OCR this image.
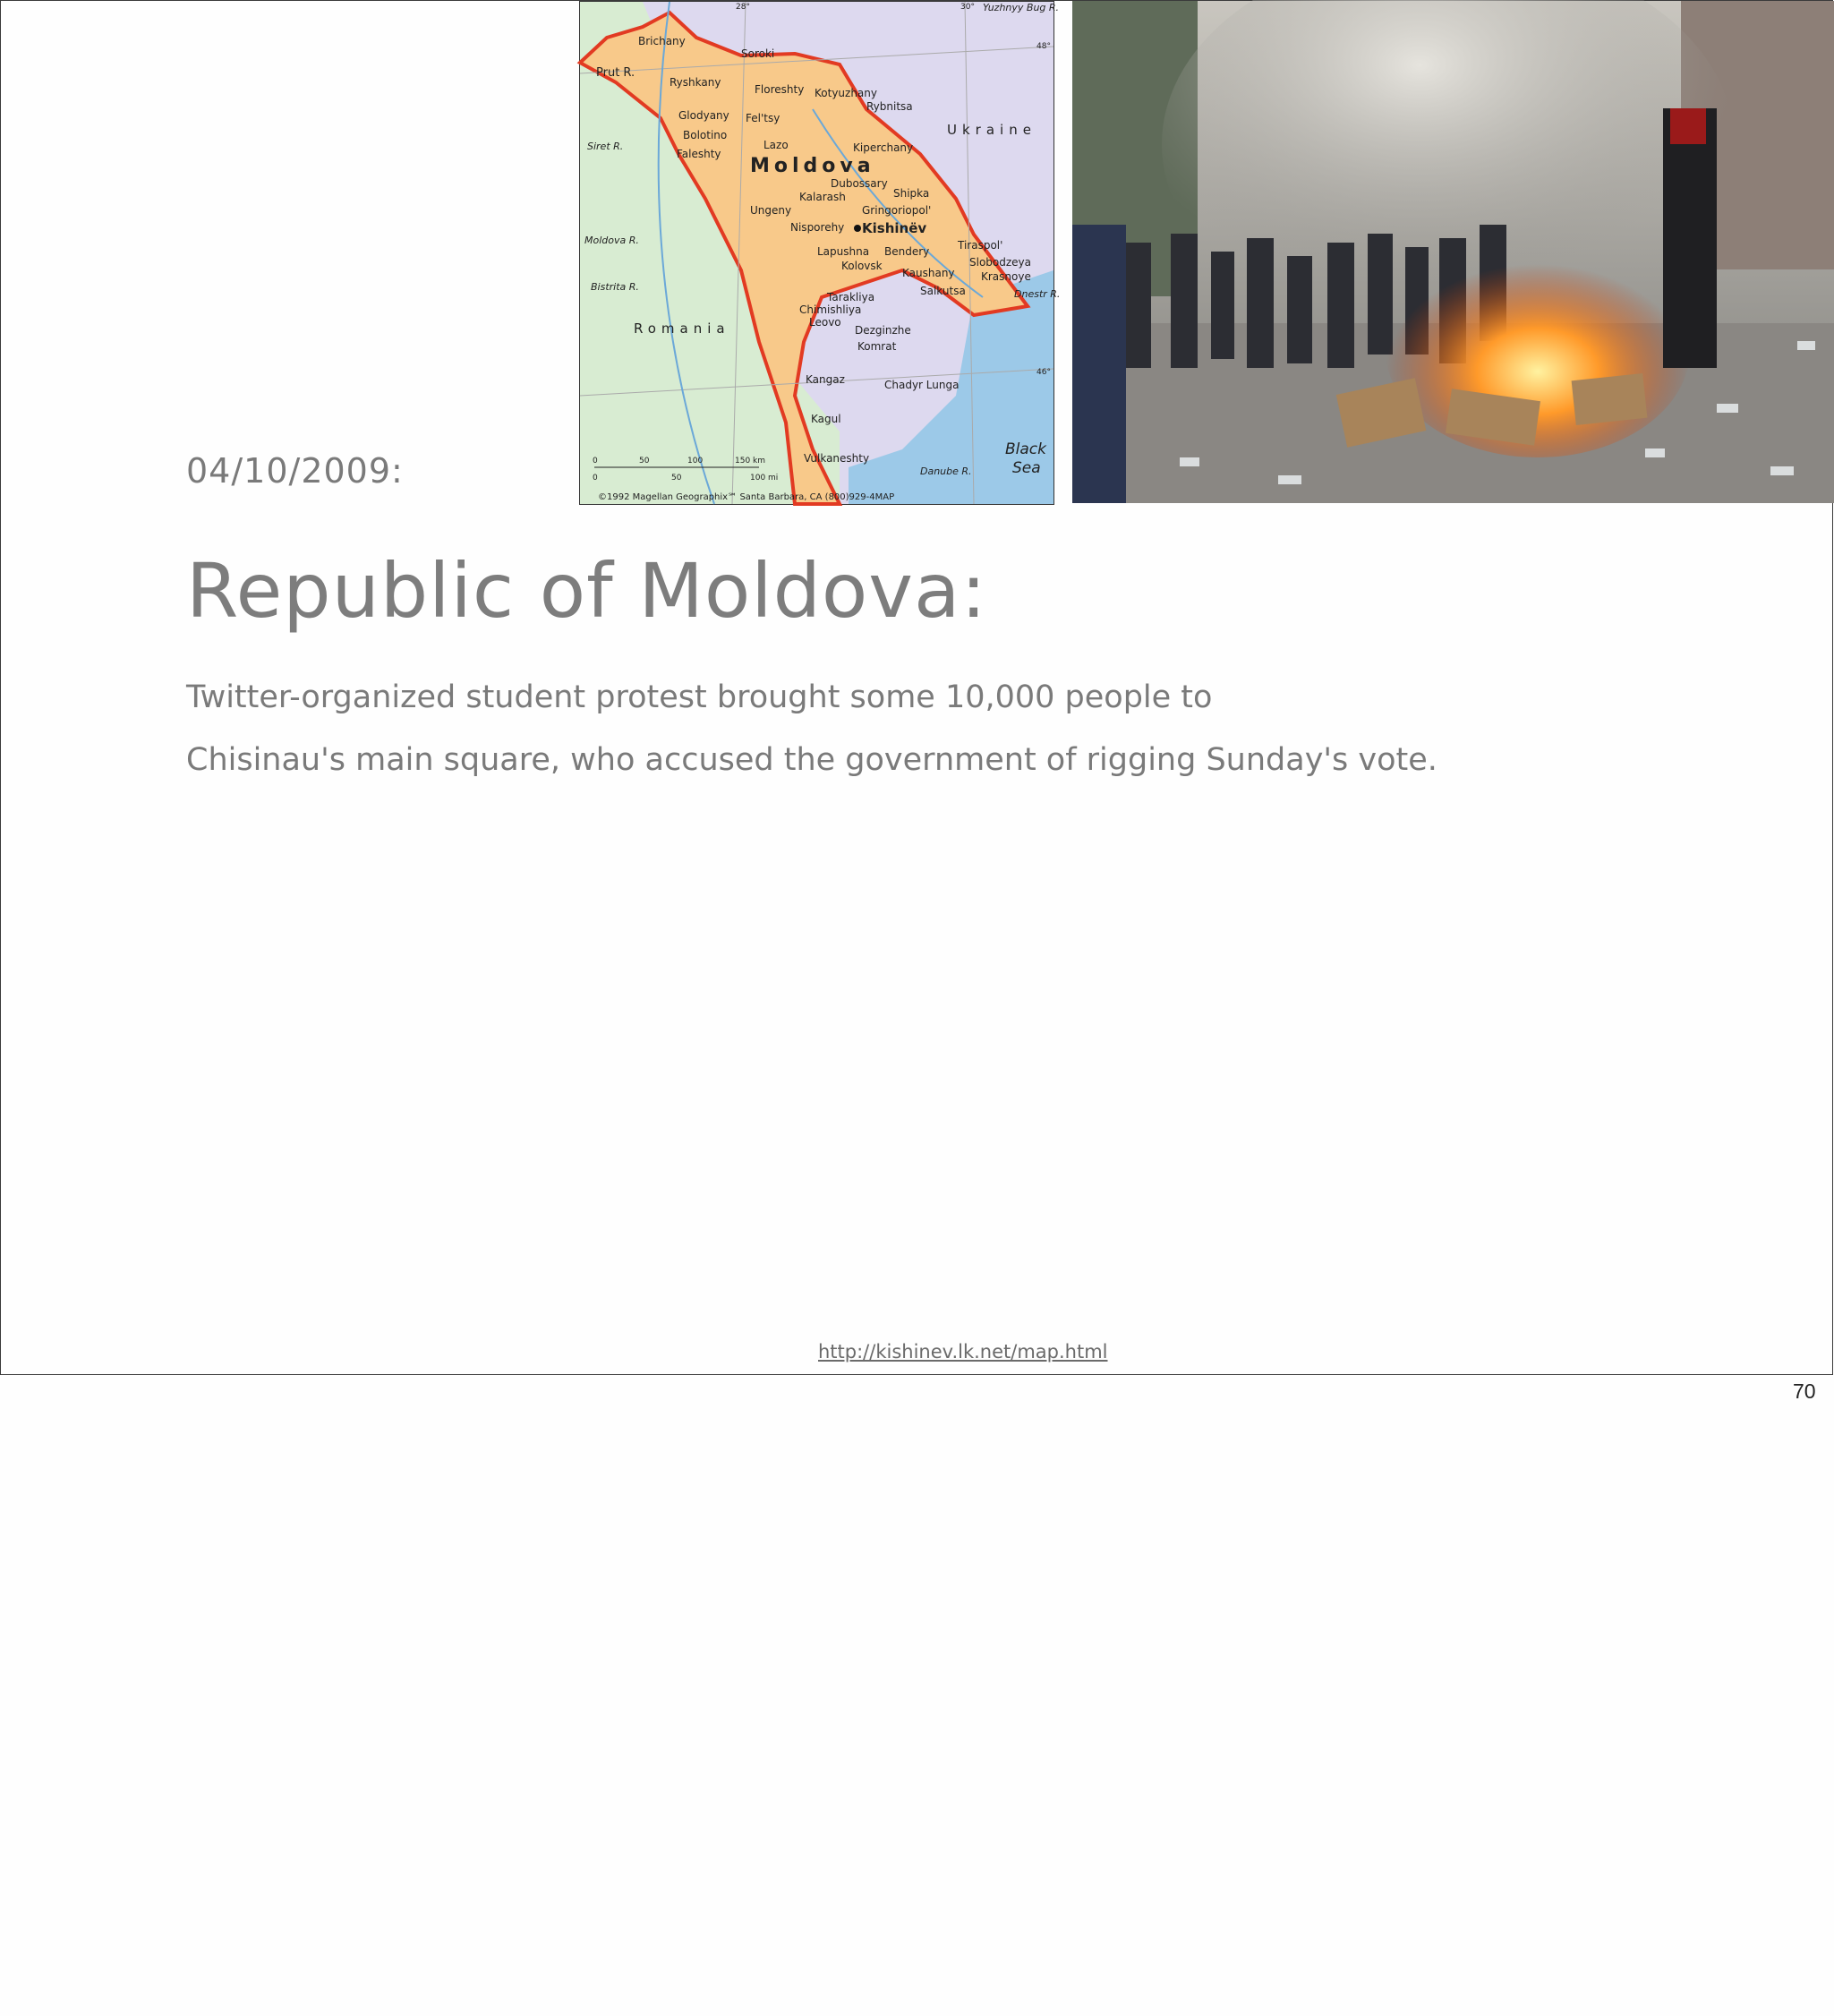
Prut R.
Moldova
Ukraine
Romania
Kishinëv
Black
Sea
Brichany
Soroki
Ryshkany
Floreshty Kotyuzhany
Rybnitsa
Glodyany Fel'tsy
Bolotino
Faleshty
Lazo	Kiperchany
Dubossary
Kalarash	Shipka
Ungeny	Gringoriopol'
Nisporehy
Lapushna Bendery	Tiraspol'
Kolovsk	Slobodzeya
Kaushany Krasnoye
Salkutsa
Tarakliya
Chimishliya
Leovo
Dezginzhe
Komrat
Kangaz	Chadyr Lunga
Kagul
Vulkaneshty
Siret R.
Moldova R.
Bistrita R.
Dnestr R.
Yuzhnyy Bug R.
Danube R.
28°	30°
48°
46°
0	50	100	150 km
0	50	100 mi
©1992 Magellan Geographix℠ Santa Barbara, CA (800)929-4MAP
04/10/2009:
Republic of Moldova:
Twitter-organized student protest brought some 10,000 people to
Chisinau's main square, who accused the government of rigging Sunday's vote.
http://kishinev.lk.net/map.html
70
